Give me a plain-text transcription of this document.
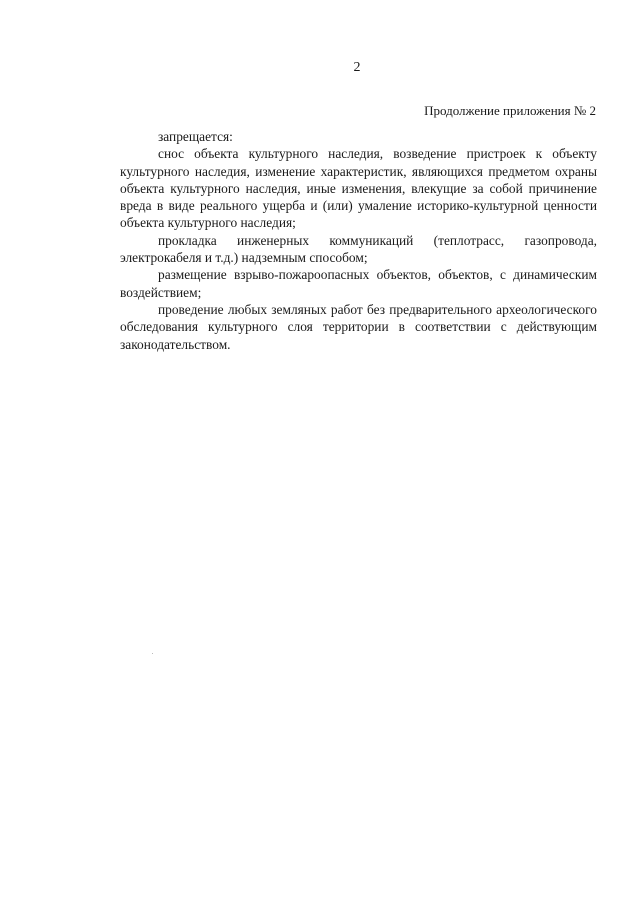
2
Продолжение приложения № 2

запрещается:

снос объекта культурного наследия, возведение пристроек к объекту культурного наследия, изменение характеристик, являющихся предметом охраны объекта культурного наследия, иные изменения, влекущие за собой причинение вреда в виде реального ущерба и (или) умаление историко-культурной ценности объекта культурного наследия;

прокладка инженерных коммуникаций (теплотрасс, газопровода, электрокабеля и т.д.) надземным способом;

размещение взрыво-пожароопасных объектов, объектов, с динамическим воздействием;

проведение любых земляных работ без предварительного археологического обследования культурного слоя территории в соответствии с действующим законодательством.
